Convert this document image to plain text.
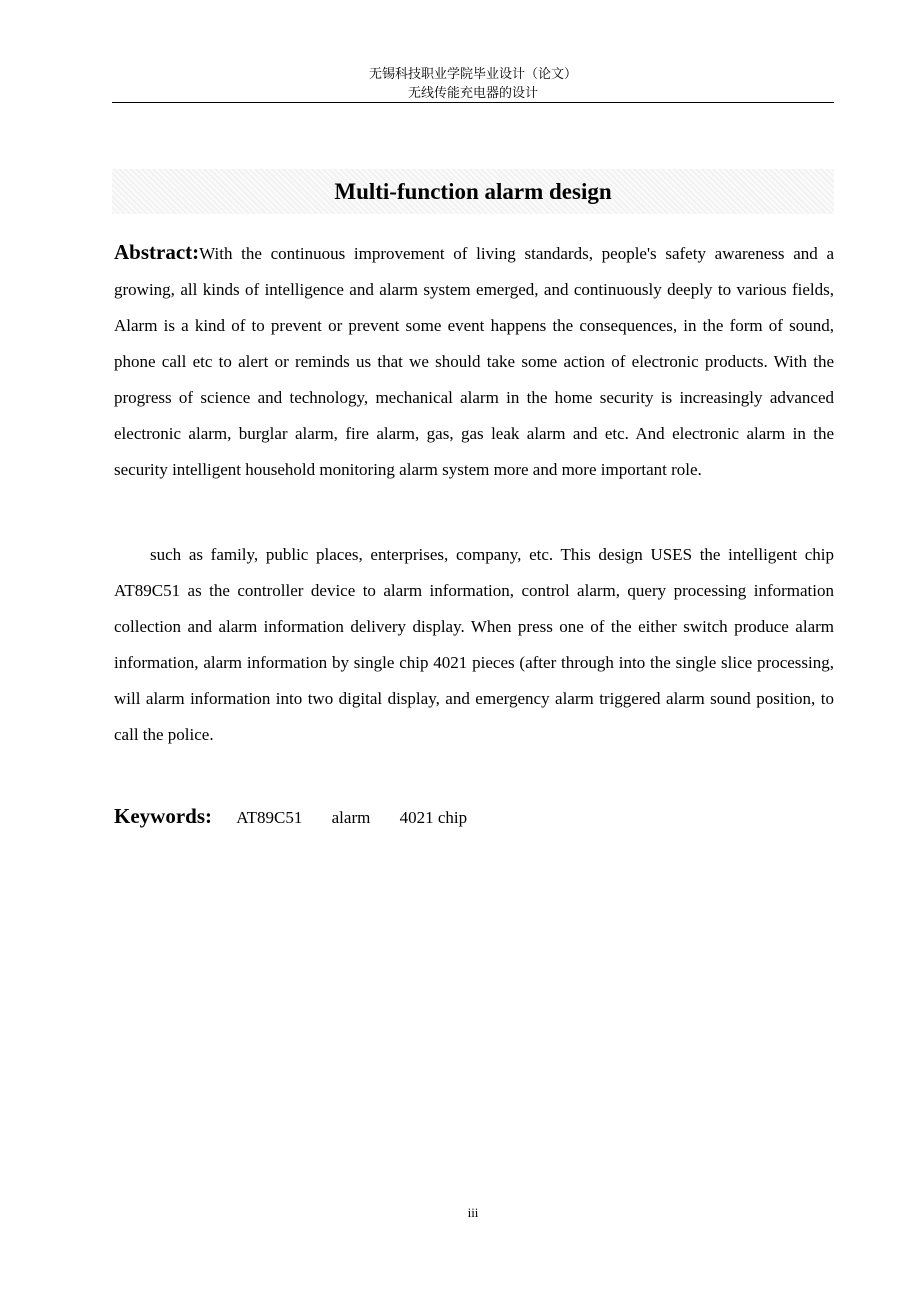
无锡科技职业学院毕业设计（论文）
无线传能充电器的设计
Multi-function alarm design
Abstract:With the continuous improvement of living standards, people's safety awareness and a growing, all kinds of intelligence and alarm system emerged, and continuously deeply to various fields, Alarm is a kind of to prevent or prevent some event happens the consequences, in the form of sound, phone call etc to alert or reminds us that we should take some action of electronic products. With the progress of science and technology, mechanical alarm in the home security is increasingly advanced electronic alarm, burglar alarm, fire alarm, gas, gas leak alarm and etc. And electronic alarm in the security intelligent household monitoring alarm system more and more important role.
such as family, public places, enterprises, company, etc. This design USES the intelligent chip AT89C51 as the controller device to alarm information, control alarm, query processing information collection and alarm information delivery display. When press one of the either switch produce alarm information, alarm information by single chip 4021 pieces (after through into the single slice processing, will alarm information into two digital display, and emergency alarm triggered alarm sound position, to call the police.
Keywords: AT89C51 alarm 4021 chip
iii
